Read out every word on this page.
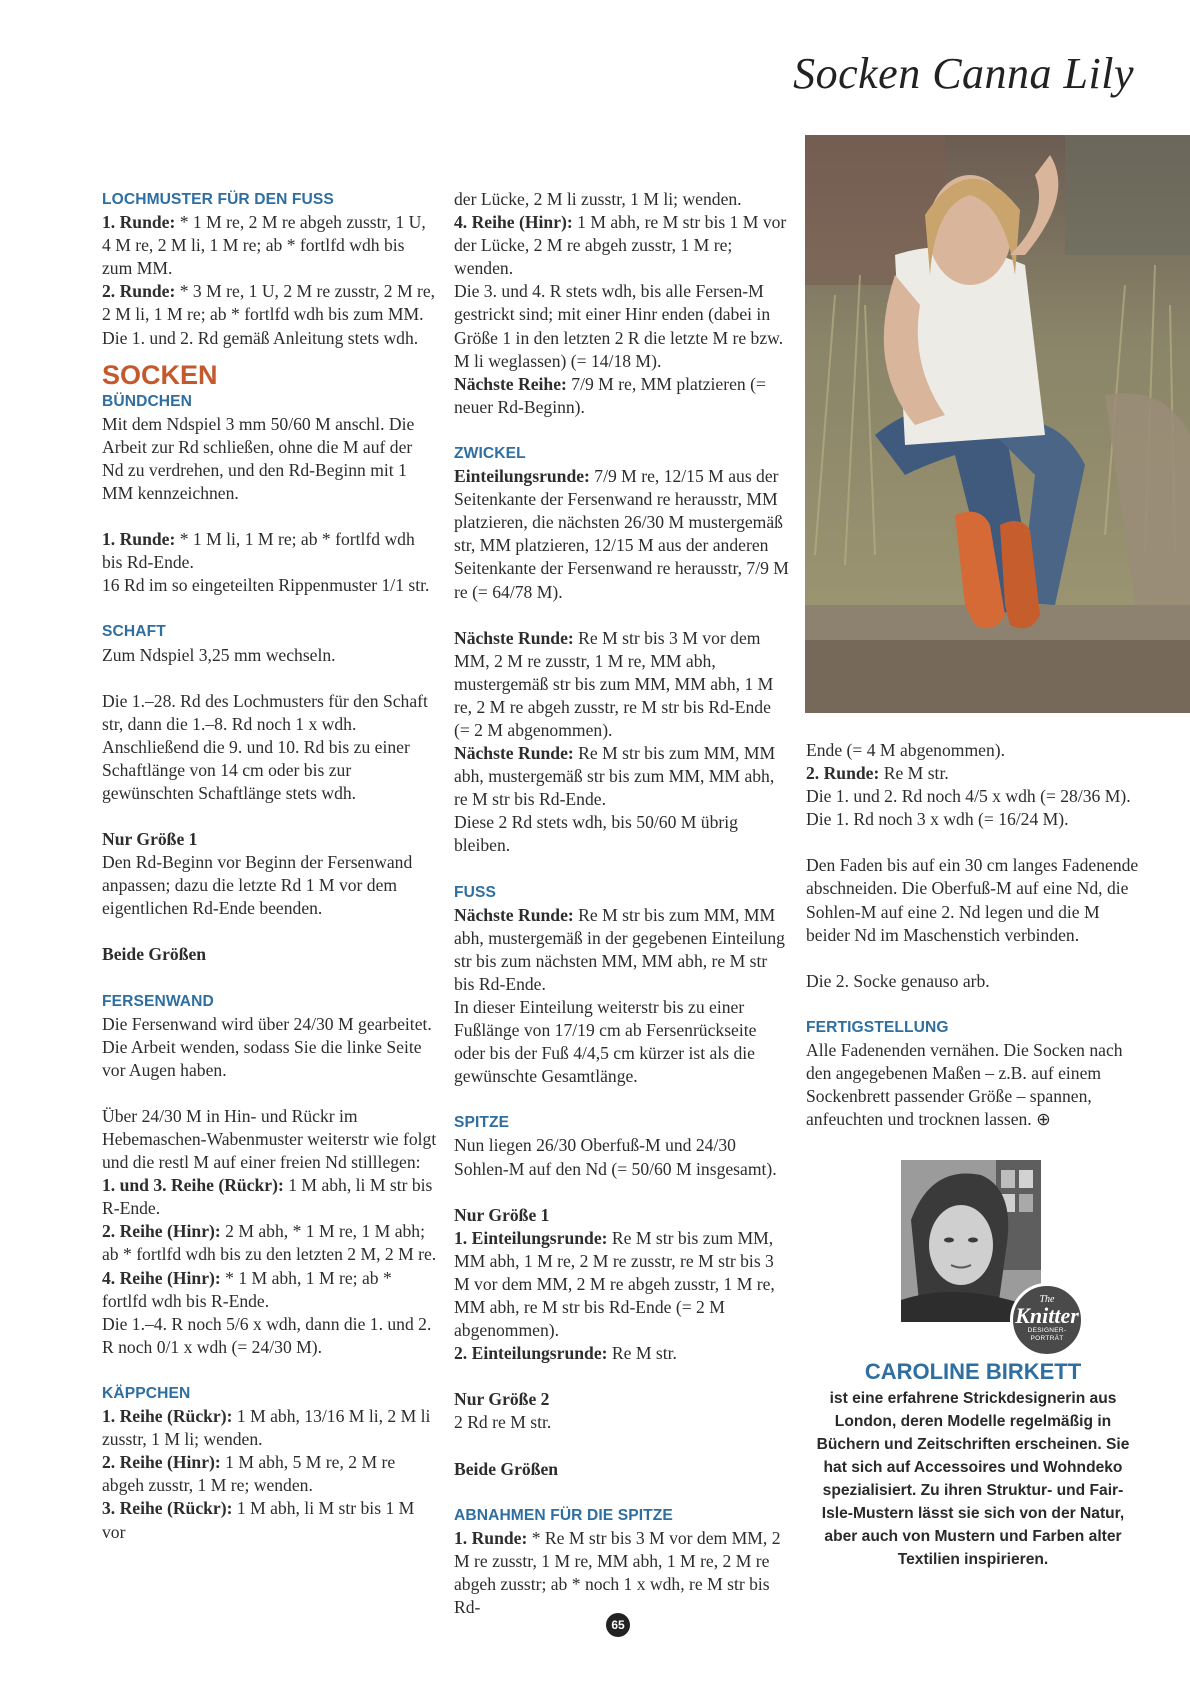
Socken Canna Lily

LOCHMUSTER FÜR DEN FUSS

1. Runde: * 1 M re, 2 M re abgeh zusstr, 1 U, 4 M re, 2 M li, 1 M re; ab * fortlfd wdh bis zum MM.

2. Runde: * 3 M re, 1 U, 2 M re zusstr, 2 M re, 2 M li, 1 M re; ab * fortlfd wdh bis zum MM.

Die 1. und 2. Rd gemäß Anleitung stets wdh.

SOCKEN

BÜNDCHEN

Mit dem Ndspiel 3 mm 50/60 M anschl. Die Arbeit zur Rd schließen, ohne die M auf der Nd zu verdrehen, und den Rd-Beginn mit 1 MM kennzeichnen.

1. Runde: * 1 M li, 1 M re; ab * fortlfd wdh bis Rd-Ende.

16 Rd im so eingeteilten Rippenmuster 1/1 str.

SCHAFT

Zum Ndspiel 3,25 mm wechseln.

Die 1.–28. Rd des Lochmusters für den Schaft str, dann die 1.–8. Rd noch 1 x wdh. Anschließend die 9. und 10. Rd bis zu einer Schaftlänge von 14 cm oder bis zur gewünschten Schaftlänge stets wdh.

Nur Größe 1

Den Rd-Beginn vor Beginn der Fersenwand anpassen; dazu die letzte Rd 1 M vor dem eigentlichen Rd-Ende beenden.

Beide Größen

FERSENWAND

Die Fersenwand wird über 24/30 M gearbeitet.

Die Arbeit wenden, sodass Sie die linke Seite vor Augen haben.

Über 24/30 M in Hin- und Rückr im Hebemaschen-Wabenmuster weiterstr wie folgt und die restl M auf einer freien Nd stilllegen:

1. und 3. Reihe (Rückr): 1 M abh, li M str bis R-Ende.

2. Reihe (Hinr): 2 M abh, * 1 M re, 1 M abh; ab * fortlfd wdh bis zu den letzten 2 M, 2 M re.

4. Reihe (Hinr): * 1 M abh, 1 M re; ab * fortlfd wdh bis R-Ende.

Die 1.–4. R noch 5/6 x wdh, dann die 1. und 2. R noch 0/1 x wdh (= 24/30 M).

KÄPPCHEN

1. Reihe (Rückr): 1 M abh, 13/16 M li, 2 M li zusstr, 1 M li; wenden.

2. Reihe (Hinr): 1 M abh, 5 M re, 2 M re abgeh zusstr, 1 M re; wenden.

3. Reihe (Rückr): 1 M abh, li M str bis 1 M vor

der Lücke, 2 M li zusstr, 1 M li; wenden.

4. Reihe (Hinr): 1 M abh, re M str bis 1 M vor der Lücke, 2 M re abgeh zusstr, 1 M re; wenden.

Die 3. und 4. R stets wdh, bis alle Fersen-M gestrickt sind; mit einer Hinr enden (dabei in Größe 1 in den letzten 2 R die letzte M re bzw. M li weglassen) (= 14/18 M).

Nächste Reihe: 7/9 M re, MM platzieren (= neuer Rd-Beginn).

ZWICKEL

Einteilungsrunde: 7/9 M re, 12/15 M aus der Seitenkante der Fersenwand re herausstr, MM platzieren, die nächsten 26/30 M mustergemäß str, MM platzieren, 12/15 M aus der anderen Seitenkante der Fersenwand re herausstr, 7/9 M re (= 64/78 M).

Nächste Runde: Re M str bis 3 M vor dem MM, 2 M re zusstr, 1 M re, MM abh, mustergemäß str bis zum MM, MM abh, 1 M re, 2 M re abgeh zusstr, re M str bis Rd-Ende (= 2 M abgenommen).

Nächste Runde: Re M str bis zum MM, MM abh, mustergemäß str bis zum MM, MM abh, re M str bis Rd-Ende.

Diese 2 Rd stets wdh, bis 50/60 M übrig bleiben.

FUSS

Nächste Runde: Re M str bis zum MM, MM abh, mustergemäß in der gegebenen Einteilung str bis zum nächsten MM, MM abh, re M str bis Rd-Ende.

In dieser Einteilung weiterstr bis zu einer Fußlänge von 17/19 cm ab Fersenrückseite oder bis der Fuß 4/4,5 cm kürzer ist als die gewünschte Gesamtlänge.

SPITZE

Nun liegen 26/30 Oberfuß-M und 24/30 Sohlen-M auf den Nd (= 50/60 M insgesamt).

Nur Größe 1

1. Einteilungsrunde: Re M str bis zum MM, MM abh, 1 M re, 2 M re zusstr, re M str bis 3 M vor dem MM, 2 M re abgeh zusstr, 1 M re, MM abh, re M str bis Rd-Ende (= 2 M abgenommen).

2. Einteilungsrunde: Re M str.

Nur Größe 2

2 Rd re M str.

Beide Größen

ABNAHMEN FÜR DIE SPITZE

1. Runde: * Re M str bis 3 M vor dem MM, 2 M re zusstr, 1 M re, MM abh, 1 M re, 2 M re abgeh zusstr; ab * noch 1 x wdh, re M str bis Rd-

Ende (= 4 M abgenommen).

2. Runde: Re M str.

Die 1. und 2. Rd noch 4/5 x wdh (= 28/36 M).

Die 1. Rd noch 3 x wdh (= 16/24 M).

Den Faden bis auf ein 30 cm langes Fadenende abschneiden. Die Oberfuß-M auf eine Nd, die Sohlen-M auf eine 2. Nd legen und die M beider Nd im Maschenstich verbinden.

Die 2. Socke genauso arb.

FERTIGSTELLUNG

Alle Fadenenden vernähen. Die Socken nach den angegebenen Maßen – z.B. auf einem Sockenbrett passender Größe – spannen, anfeuchten und trocknen lassen. ⊕

The
Knitter
DESIGNER-
PORTRÄT
CAROLINE BIRKETT
ist eine erfahrene Strickdesignerin aus London, deren Modelle regelmäßig in Büchern und Zeitschriften erscheinen. Sie hat sich auf Accessoires und Wohndeko spezialisiert. Zu ihren Struktur- und Fair-Isle-Mustern lässt sie sich von der Natur, aber auch von Mustern und Farben alter Textilien inspirieren.
65
